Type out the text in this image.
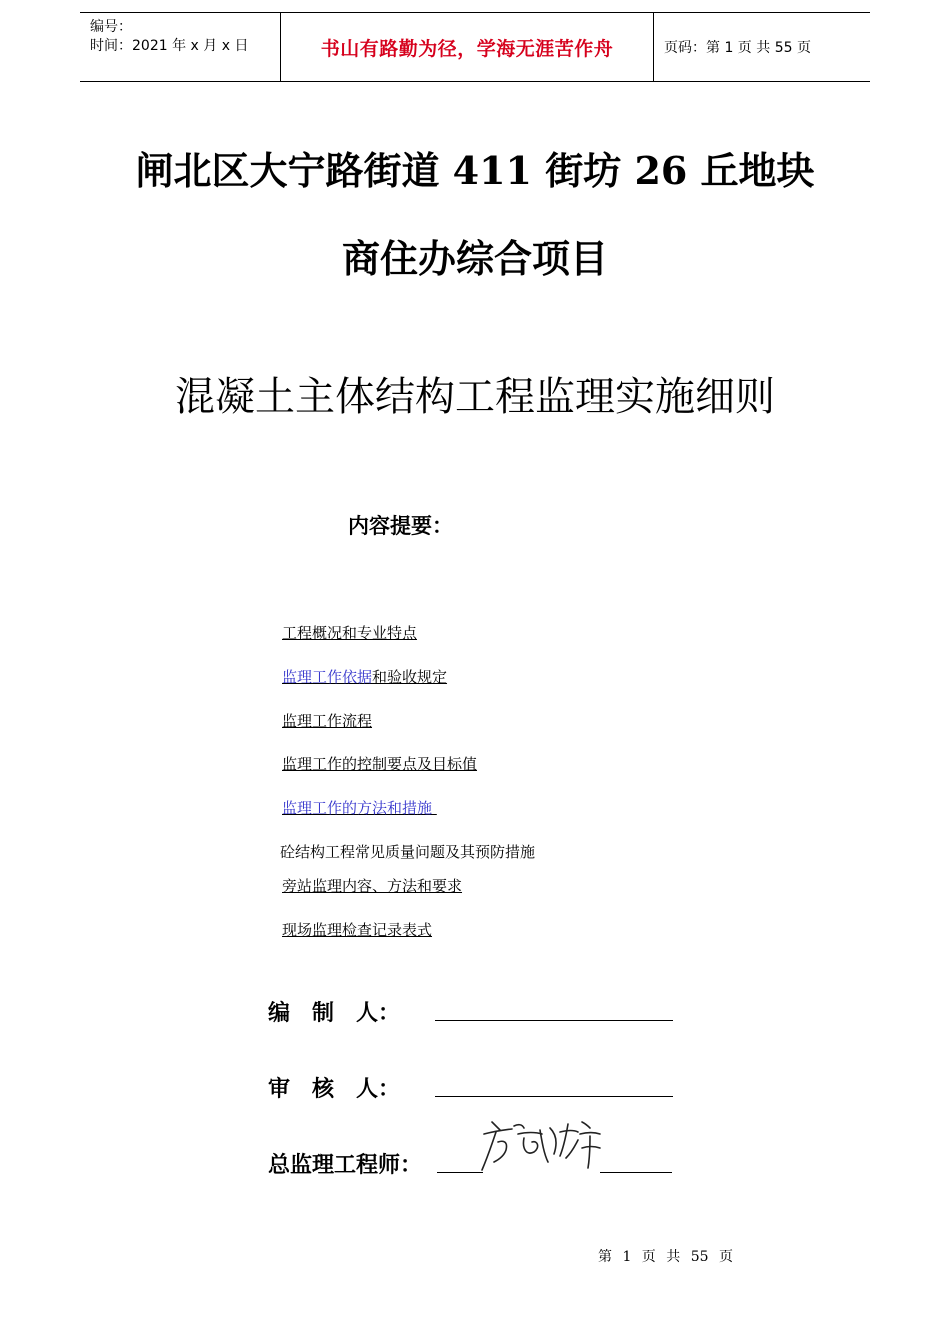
编号：
时间：2021 年 x 月 x 日	书山有路勤为径，学海无涯苦作舟	页码：第 1 页 共 55 页
闸北区大宁路街道 411 街坊 26 丘地块
商住办综合项目
混凝土主体结构工程监理实施细则
内容提要：
工程概况和专业特点
监理工作依据和验收规定
监理工作流程
监理工作的控制要点及目标值
监理工作的方法和措施
砼结构工程常见质量问题及其预防措施
旁站监理内容、方法和要求
现场监理检查记录表式
编　制　人：
审　核　人：
总监理工程师：
第 1 页 共 55 页
